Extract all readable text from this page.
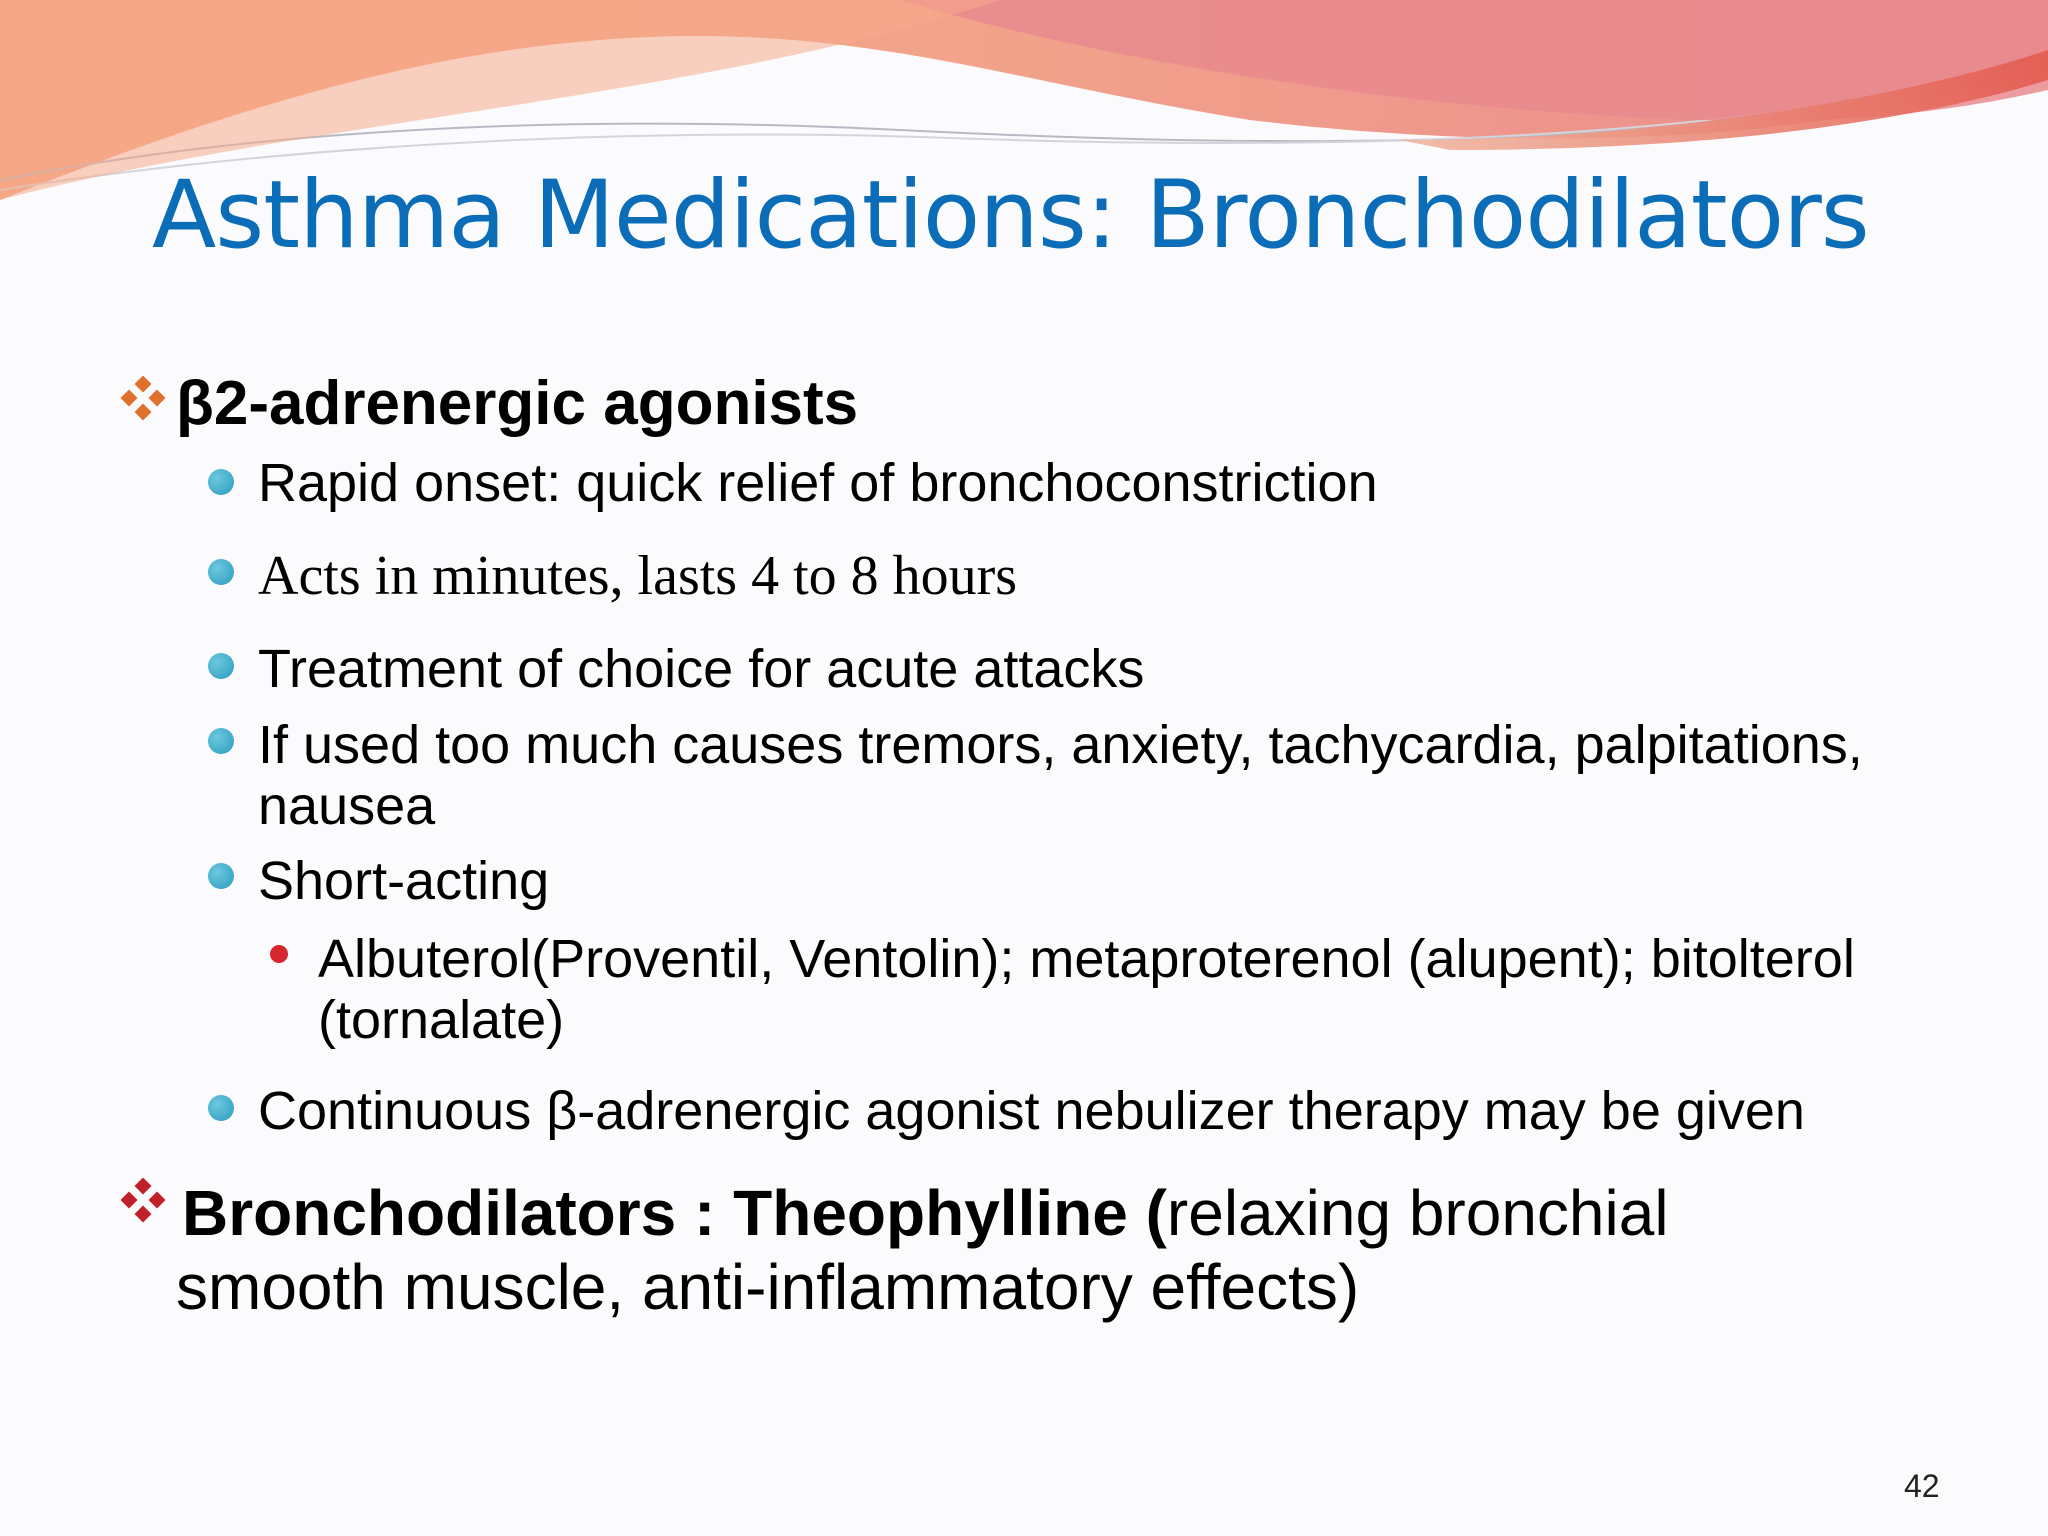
Asthma Medications: Bronchodilators
β2-adrenergic agonists
Rapid onset: quick relief of bronchoconstriction
Acts in minutes, lasts 4 to 8 hours
Treatment of choice for acute attacks
If used too much causes tremors, anxiety, tachycardia, palpitations,
nausea
Short-acting
Albuterol(Proventil, Ventolin); metaproterenol (alupent); bitolterol
(tornalate)
Continuous β-adrenergic agonist nebulizer therapy may be given
Bronchodilators : Theophylline (relaxing bronchial
smooth muscle, anti-inflammatory effects)
42
